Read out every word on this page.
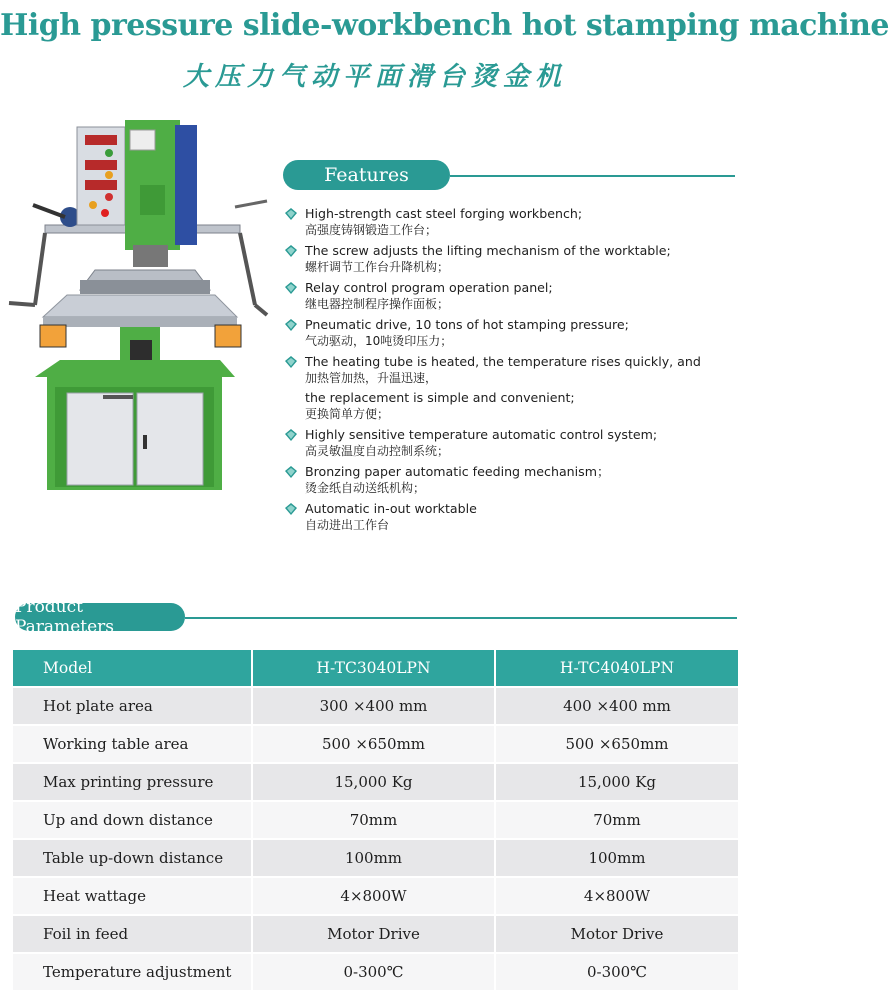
High pressure slide-workbench hot stamping machine
大压力气动平面滑台烫金机
Features
High-strength cast steel forging workbench;
高强度铸钢锻造工作台；
The screw adjusts the lifting mechanism of the worktable;
螺杆调节工作台升降机构；
Relay control program operation panel;
继电器控制程序操作面板；
Pneumatic drive, 10 tons of hot stamping pressure;
气动驱动，10吨烫印压力；
The heating tube is heated, the temperature rises quickly, and
加热管加热，升温迅速，
the replacement is simple and convenient;
更换简单方便；
Highly sensitive temperature automatic control system;
高灵敏温度自动控制系统；
Bronzing paper automatic feeding mechanism；
烫金纸自动送纸机构；
Automatic in-out worktable
自动进出工作台
Product Parameters
Model	H-TC3040LPN	H-TC4040LPN
Hot plate area	300 ×400 mm	400 ×400 mm
Working table area	500 ×650mm	500 ×650mm
Max printing pressure	15,000 Kg	15,000 Kg
Up and down distance	70mm	70mm
Table up-down distance	100mm	100mm
Heat wattage	4×800W	4×800W
Foil in feed	Motor Drive	Motor Drive
Temperature adjustment	0-300℃	0-300℃
